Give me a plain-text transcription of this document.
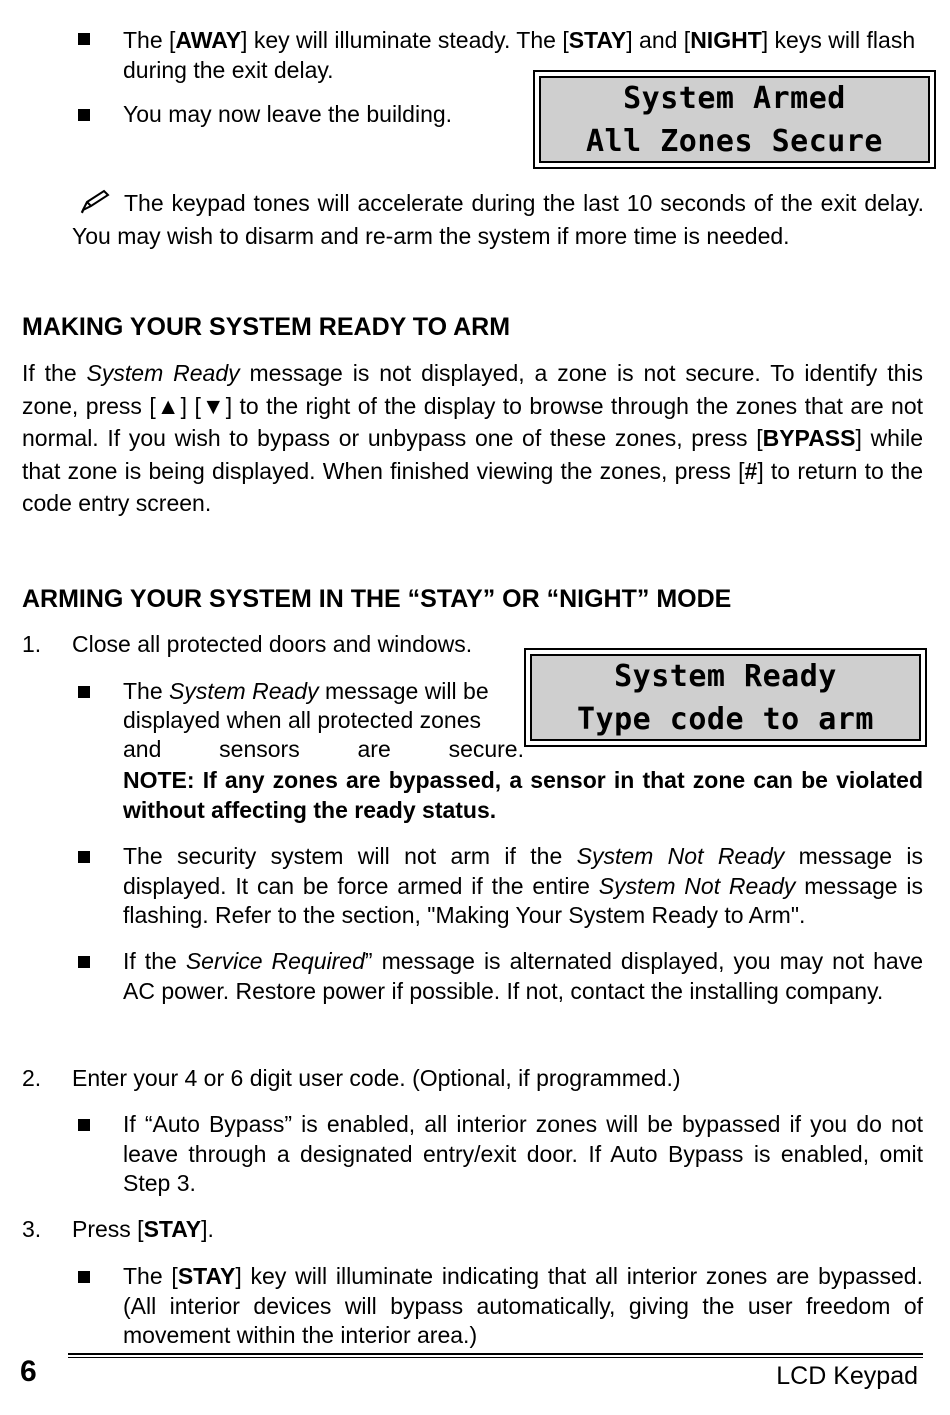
The [AWAY] key will illuminate steady. The [STAY] and [NIGHT] keys will flash during the exit delay.
You may now leave the building.	System Armed
All Zones Secure
The keypad tones will accelerate during the last 10 seconds of the exit delay. You may wish to disarm and re-arm the system if more time is needed.
MAKING YOUR SYSTEM READY TO ARM
If the System Ready message is not displayed, a zone is not secure. To identify this zone, press [▲] [▼] to the right of the display to browse through the zones that are not normal. If you wish to bypass or unbypass one of these zones, press [BYPASS] while that zone is being displayed. When finished viewing the zones, press [#] to return to the code entry screen.
ARMING YOUR SYSTEM IN THE “STAY” OR “NIGHT” MODE
1. Close all protected doors and windows.
System Ready
Type code to arm
The System Ready message will be
displayed when all protected zones
and	sensors	are	secure.
NOTE: If any zones are bypassed, a sensor in that zone can be violated without affecting the ready status.
The security system will not arm if the System Not Ready message is displayed. It can be force armed if the entire System Not Ready message is flashing. Refer to the section, "Making Your System Ready to Arm".
If the Service Required” message is alternated displayed, you may not have AC power. Restore power if possible. If not, contact the installing company.
2. Enter your 4 or 6 digit user code. (Optional, if programmed.)
If “Auto Bypass” is enabled, all interior zones will be bypassed if you do not leave through a designated entry/exit door. If Auto Bypass is enabled, omit Step 3.
3. Press [STAY].
The [STAY] key will illuminate indicating that all interior zones are bypassed. (All interior devices will bypass automatically, giving the user freedom of movement within the interior area.)
6	LCD Keypad
